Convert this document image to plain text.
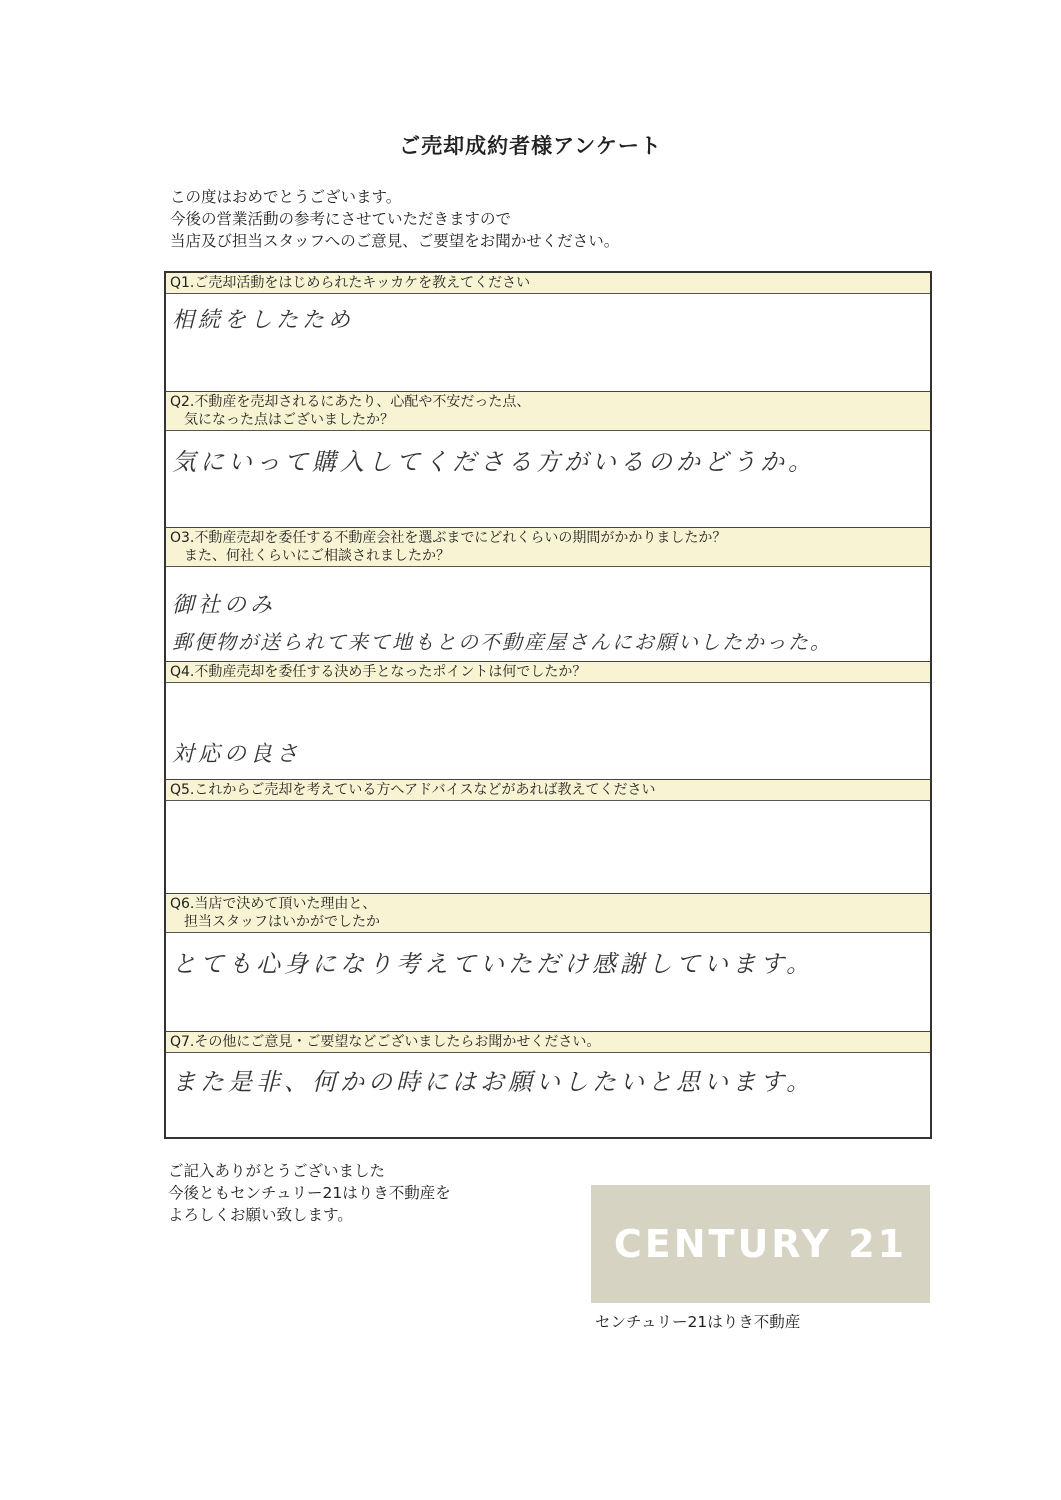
ご売却成約者様アンケート
この度はおめでとうございます。
今後の営業活動の参考にさせていただきますので
当店及び担当スタッフへのご意見、ご要望をお聞かせください。
Q1.ご売却活動をはじめられたキッカケを教えてください
相続をしたため
Q2.不動産を売却されるにあたり、心配や不安だった点、
気になった点はございましたか？
気にいって購入してくださる方がいるのかどうか。
O3.不動産売却を委任する不動産会社を選ぶまでにどれくらいの期間がかかりましたか？
また、何社くらいにご相談されましたか？
御社のみ
郵便物が送られて来て地もとの不動産屋さんにお願いしたかった。
Q4.不動産売却を委任する決め手となったポイントは何でしたか？
対応の良さ
Q5.これからご売却を考えている方へアドバイスなどがあれば教えてください
Q6.当店で決めて頂いた理由と、
担当スタッフはいかがでしたか
とても心身になり考えていただけ感謝しています。
Q7.その他にご意見・ご要望などございましたらお聞かせください。
また是非、何かの時にはお願いしたいと思います。
ご記入ありがとうございました
今後ともセンチュリー21はりき不動産を
よろしくお願い致します。
CENTURY 21
センチュリー21はりき不動産
